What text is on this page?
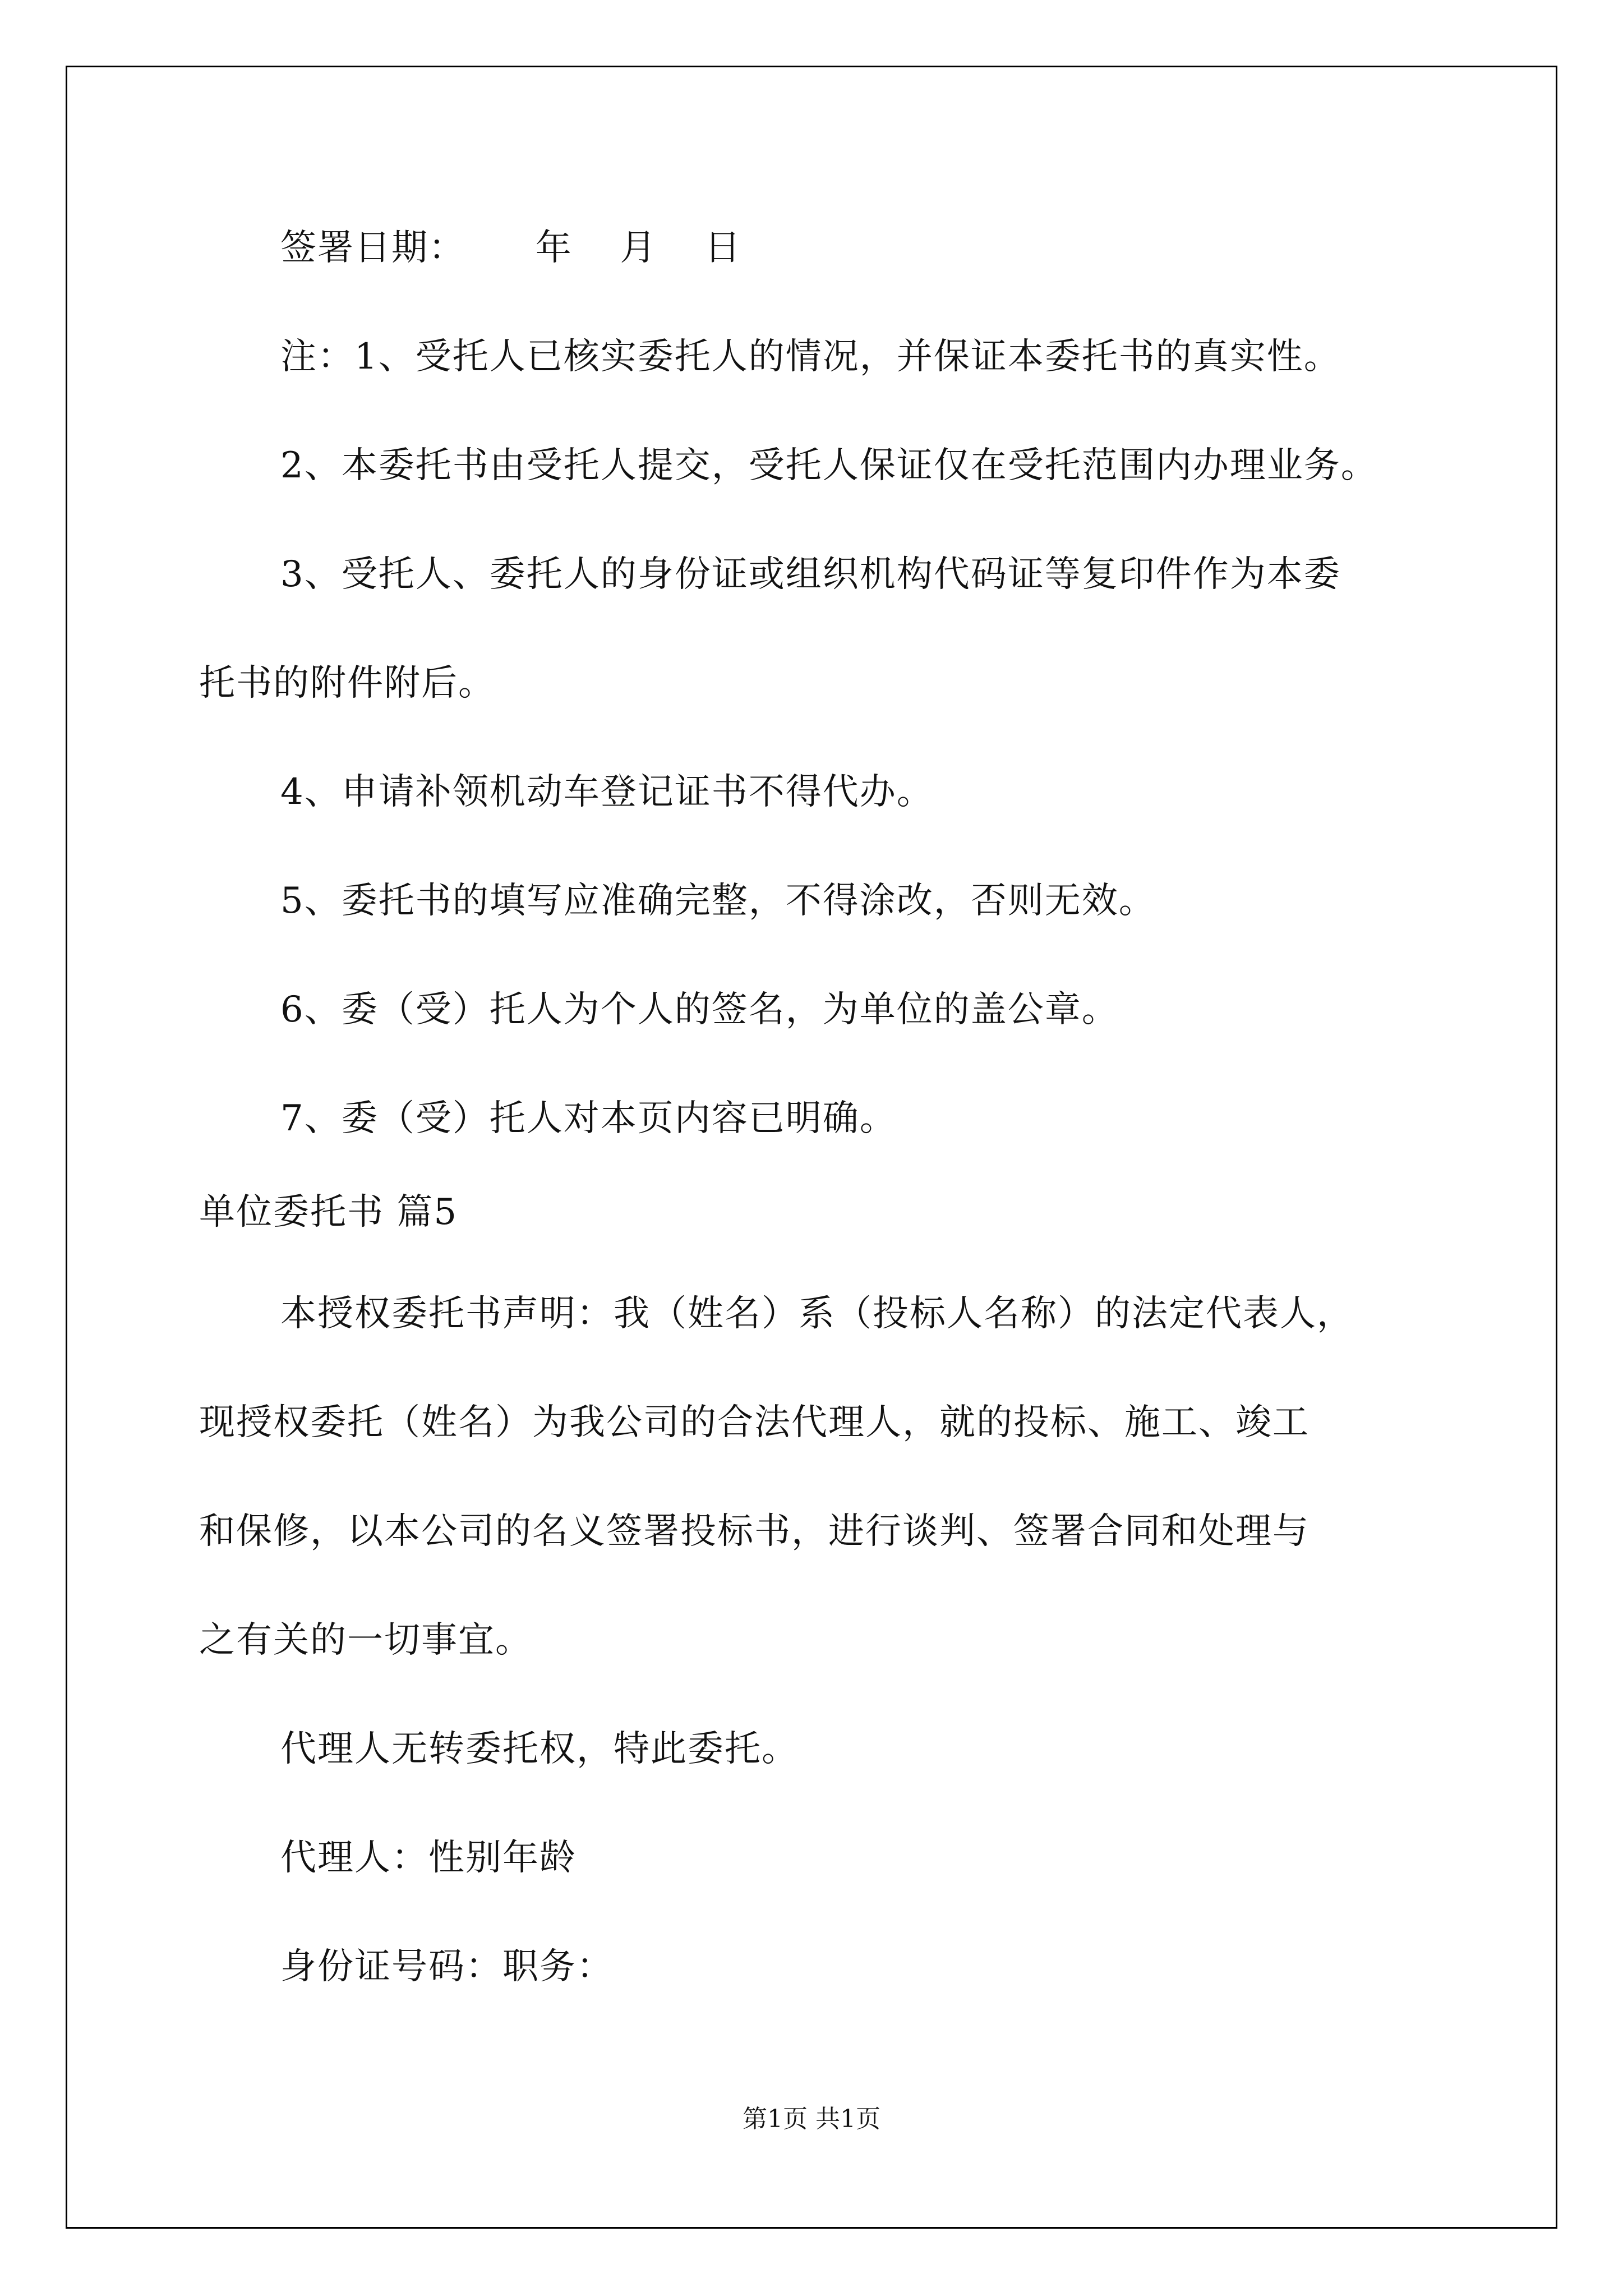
签署日期： 年 月 日
注：1、受托人已核实委托人的情况，并保证本委托书的真实性。
2、本委托书由受托人提交，受托人保证仅在受托范围内办理业务。
3、受托人、委托人的身份证或组织机构代码证等复印件作为本委
托书的附件附后。
4、申请补领机动车登记证书不得代办。
5、委托书的填写应准确完整，不得涂改，否则无效。
6、委（受）托人为个人的签名，为单位的盖公章。
7、委（受）托人对本页内容已明确。
单位委托书 篇5
本授权委托书声明：我（姓名）系（投标人名称）的法定代表人，
现授权委托（姓名）为我公司的合法代理人，就的投标、施工、竣工
和保修，以本公司的名义签署投标书，进行谈判、签署合同和处理与
之有关的一切事宜。
代理人无转委托权，特此委托。
代理人：性别年龄
身份证号码：职务：
第1页 共1页
